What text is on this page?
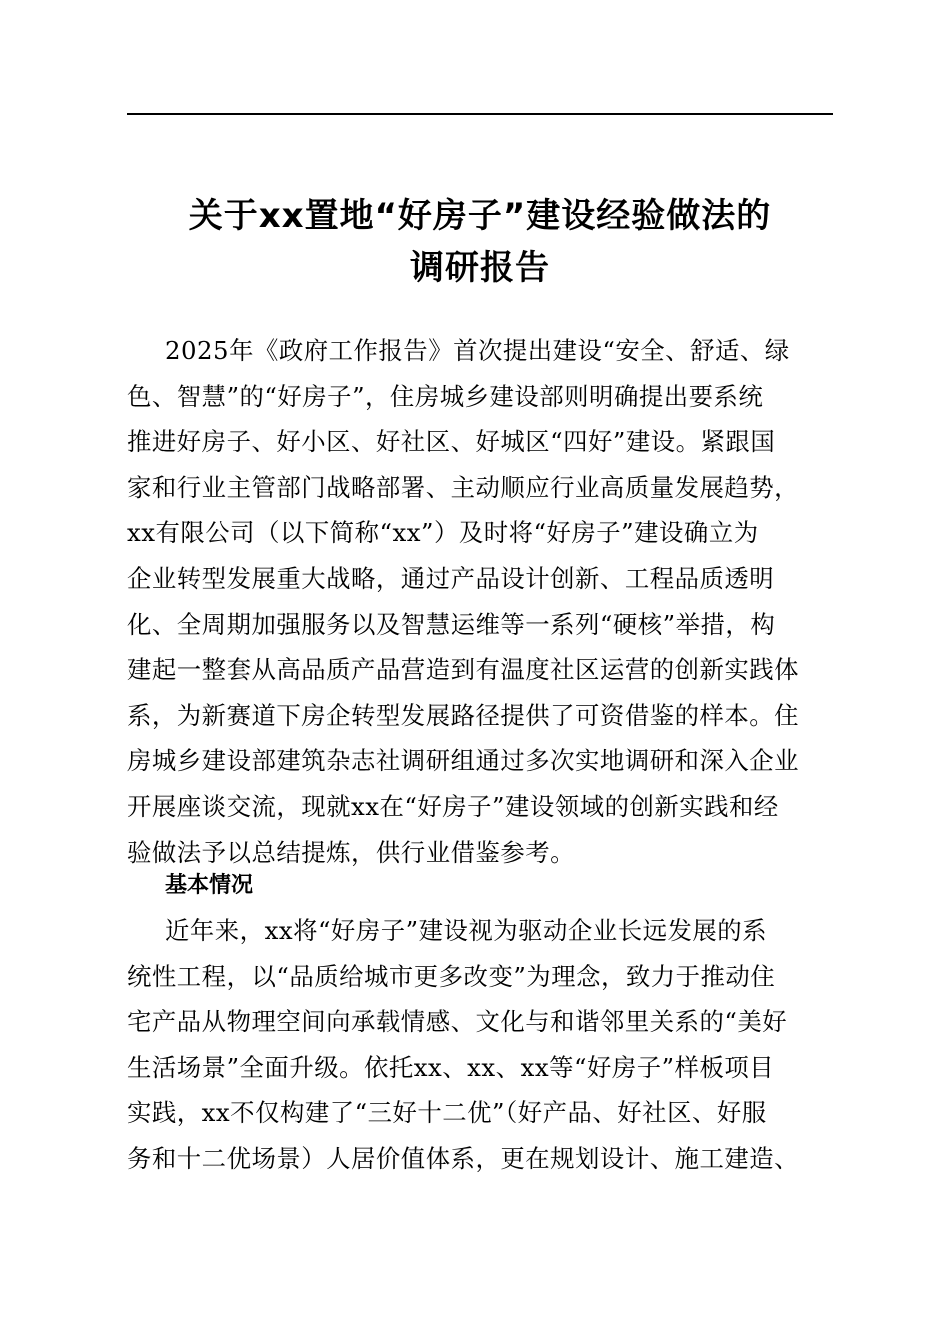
关于xx置地“好房子”建设经验做法的
调研报告
2025年《政府工作报告》首次提出建设“安全、舒适、绿
色、智慧”的“好房子”，住房城乡建设部则明确提出要系统
推进好房子、好小区、好社区、好城区“四好”建设。紧跟国
家和行业主管部门战略部署、主动顺应行业高质量发展趋势，
xx有限公司（以下简称“xx”）及时将“好房子”建设确立为
企业转型发展重大战略，通过产品设计创新、工程品质透明
化、全周期加强服务以及智慧运维等一系列“硬核”举措，构
建起一整套从高品质产品营造到有温度社区运营的创新实践体
系，为新赛道下房企转型发展路径提供了可资借鉴的样本。住
房城乡建设部建筑杂志社调研组通过多次实地调研和深入企业
开展座谈交流，现就xx在“好房子”建设领域的创新实践和经
验做法予以总结提炼，供行业借鉴参考。
基本情况
近年来，xx将“好房子”建设视为驱动企业长远发展的系
统性工程，以“品质给城市更多改变”为理念，致力于推动住
宅产品从物理空间向承载情感、文化与和谐邻里关系的“美好
生活场景”全面升级。依托xx、xx、xx等“好房子”样板项目
实践，xx不仅构建了“三好十二优”（好产品、好社区、好服
务和十二优场景）人居价值体系，更在规划设计、施工建造、
